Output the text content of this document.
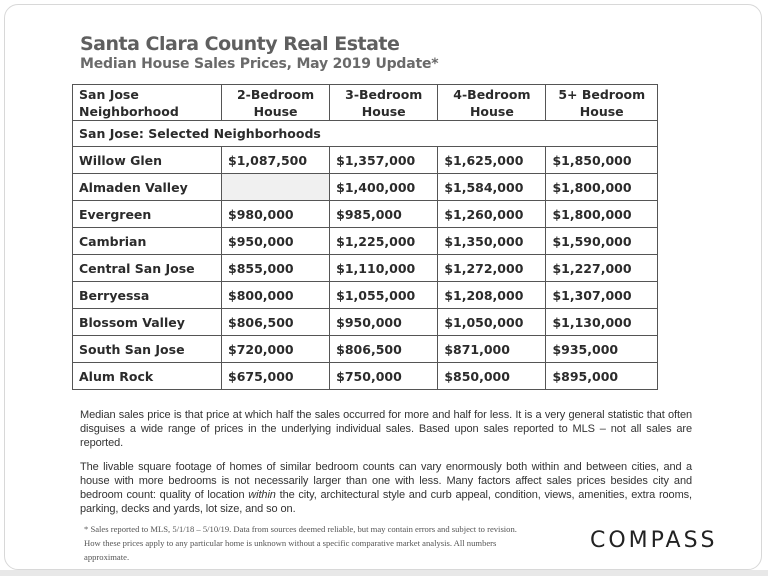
Santa Clara County Real Estate
Median House Sales Prices, May 2019 Update*
San Jose: Selected Neighborhoods				
San Jose Neighborhood	2-Bedroom House	3-Bedroom House	4-Bedroom House	5+ Bedroom House
Willow Glen	$1,087,500	$1,357,000	$1,625,000	$1,850,000
Almaden Valley		$1,400,000	$1,584,000	$1,800,000
Evergreen	$980,000	$985,000	$1,260,000	$1,800,000
Cambrian	$950,000	$1,225,000	$1,350,000	$1,590,000
Central San Jose	$855,000	$1,110,000	$1,272,000	$1,227,000
Berryessa	$800,000	$1,055,000	$1,208,000	$1,307,000
Blossom Valley	$806,500	$950,000	$1,050,000	$1,130,000
South San Jose	$720,000	$806,500	$871,000	$935,000
Alum Rock	$675,000	$750,000	$850,000	$895,000
Median sales price is that price at which half the sales occurred for more and half for less. It is a very general statistic that often disguises a wide range of prices in the underlying individual sales. Based upon sales reported to MLS – not all sales are reported.
The livable square footage of homes of similar bedroom counts can vary enormously both within and between cities, and a house with more bedrooms is not necessarily larger than one with less. Many factors affect sales prices besides city and bedroom count: quality of location within the city, architectural style and curb appeal, condition, views, amenities, extra rooms, parking, decks and yards, lot size, and so on.
* Sales reported to MLS, 5/1/18 – 5/10/19. Data from sources deemed reliable, but may contain errors and subject to revision. How these prices apply to any particular home is unknown without a specific comparative market analysis. All numbers approximate.
COMPASS
